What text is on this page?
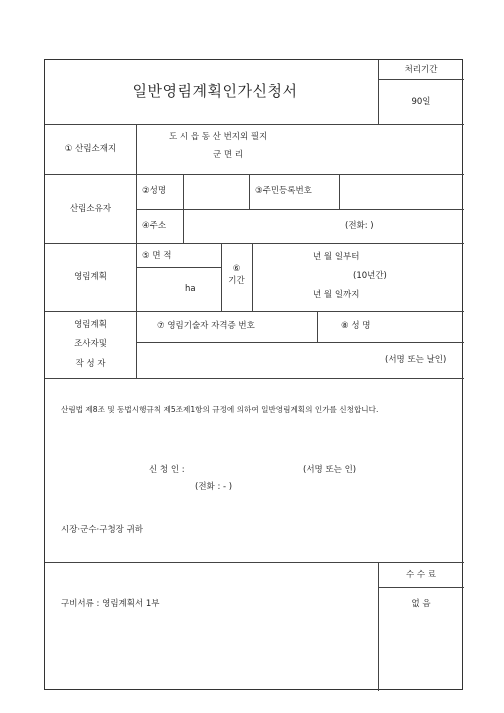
일반영림계획인가신청서
처리기간
90일
① 산림소재지
도 시 읍 동 산 번지외 필지
군 면 리
산림소유자
②성명	③주민등록번호
④주소	(전화: )
영림계획
⑤ 면 적
ha
⑥
기간
년 월 일부터
(10년간)
년 월 일까지
영림계획
조사자및
작 성 자
⑦ 영림기술자 자격증 번호	⑧ 성 명
(서명 또는 날인)
산림법 제8조 및 동법시행규칙 제5조제1항의 규정에 의하여 일반영림계획의 인가를 신청합니다.
신 청 인 :	(서명 또는 인)
(전화 : - )
시장·군수·구청장 귀하
구비서류 : 영림계획서 1부
수 수 료
없 음
